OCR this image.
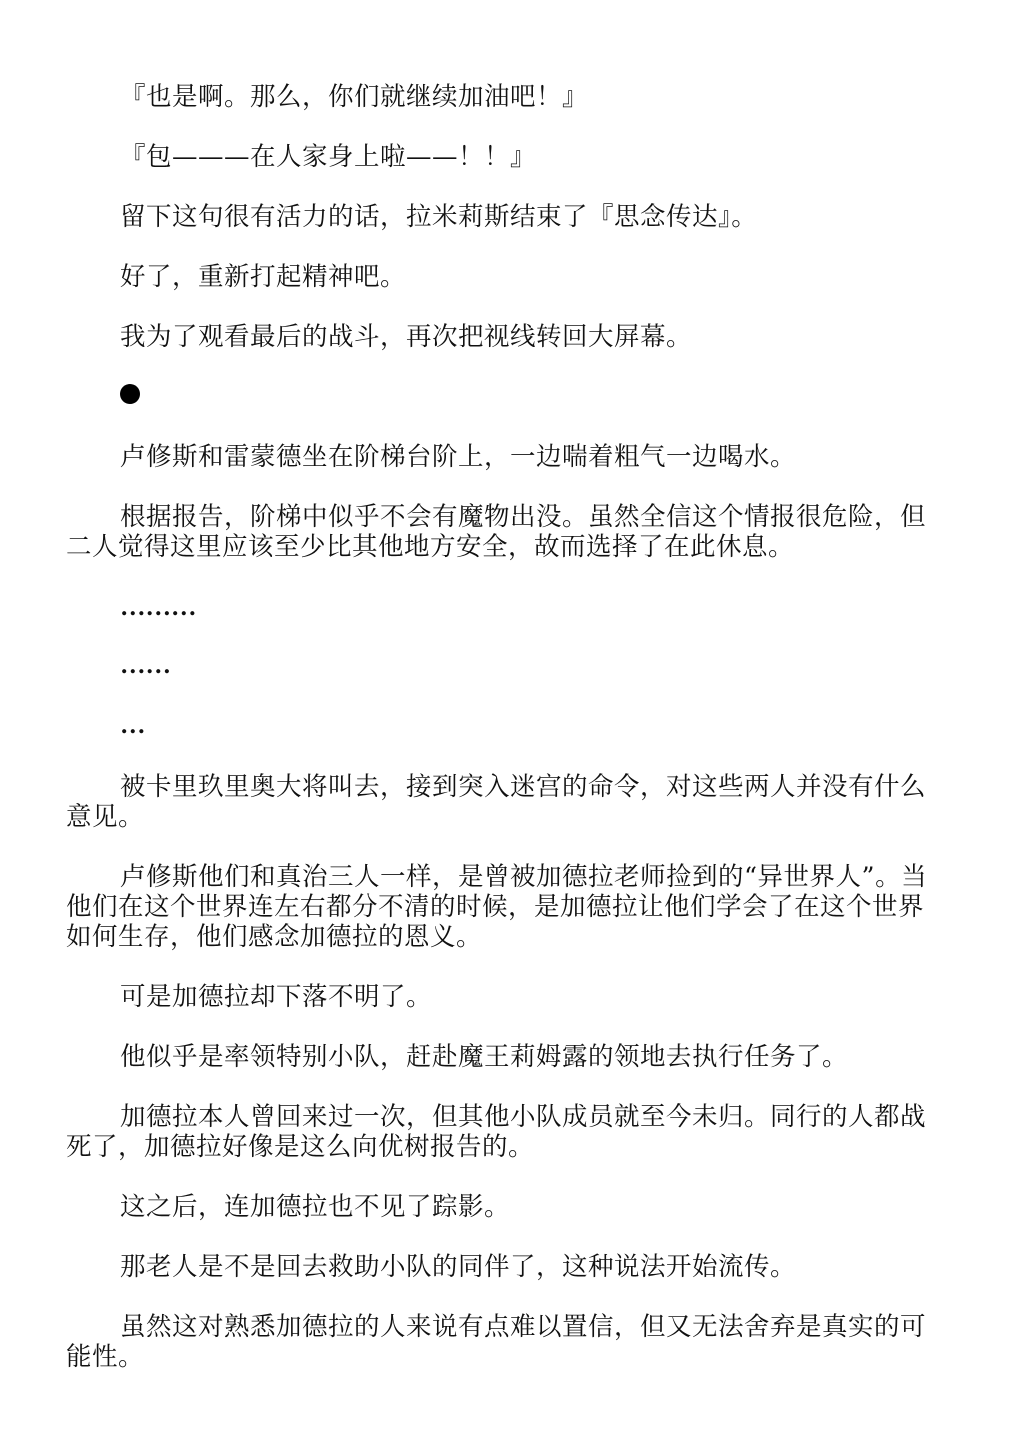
『也是啊。那么，你们就继续加油吧！』

『包———在人家身上啦——！！』

留下这句很有活力的话，拉米莉斯结束了『思念传达』。

好了，重新打起精神吧。

我为了观看最后的战斗，再次把视线转回大屏幕。

卢修斯和雷蒙德坐在阶梯台阶上，一边喘着粗气一边喝水。

根据报告，阶梯中似乎不会有魔物出没。虽然全信这个情报很危险，但二人觉得这里应该至少比其他地方安全，故而选择了在此休息。

………

……

…

被卡里玖里奥大将叫去，接到突入迷宫的命令，对这些两人并没有什么意见。

卢修斯他们和真治三人一样，是曾被加德拉老师捡到的“异世界人”。当他们在这个世界连左右都分不清的时候，是加德拉让他们学会了在这个世界如何生存，他们感念加德拉的恩义。

可是加德拉却下落不明了。

他似乎是率领特别小队，赶赴魔王莉姆露的领地去执行任务了。

加德拉本人曾回来过一次，但其他小队成员就至今未归。同行的人都战死了，加德拉好像是这么向优树报告的。

这之后，连加德拉也不见了踪影。

那老人是不是回去救助小队的同伴了，这种说法开始流传。

虽然这对熟悉加德拉的人来说有点难以置信，但又无法舍弃是真实的可能性。
